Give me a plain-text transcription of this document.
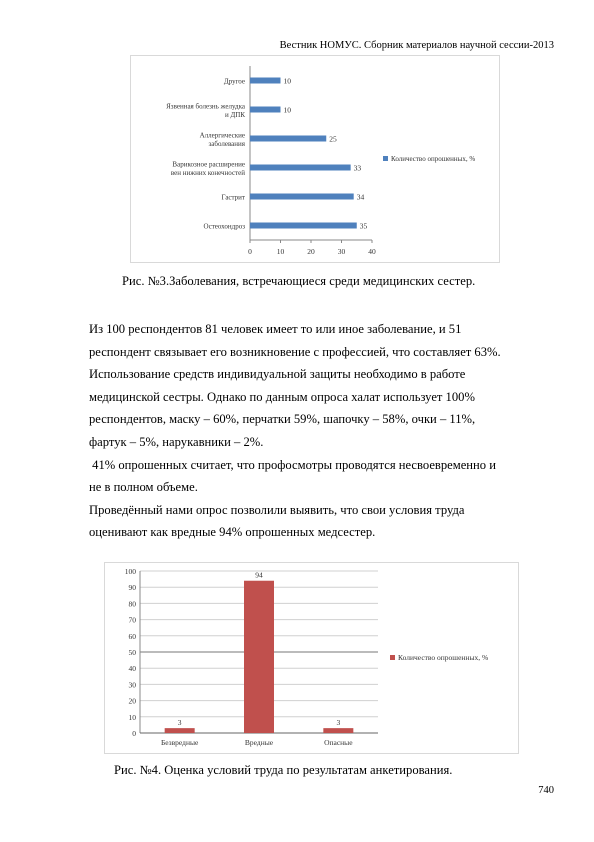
Вестник НОМУС. Сборник материалов научной сессии-2013
0	10	20	30	40
35
Остеохондроз
34
Гастрит
33
Варикозное расширение
вен нижних конечностей
25
Аллергические
заболевания
10
Язвенная болезнь желудка
и ДПК
10
Другое
Количество опрошенных, %
Рис. №3.Заболевания, встречающиеся среди медицинских сестер.

Из 100 респондентов 81 человек имеет то или иное заболевание, и 51

респондент связывает его возникновение с профессией, что составляет 63%.

Использование средств индивидуальной защиты необходимо в работе

медицинской сестры. Однако по данным опроса халат использует 100%

респондентов, маску – 60%, перчатки 59%, шапочку – 58%, очки – 11%,

фартук – 5%, нарукавники – 2%.

41% опрошенных считает, что профосмотры проводятся несвоевременно и

не в полном объеме.

Проведённый нами опрос позволили выявить, что свои условия труда

оценивают как вредные 94% опрошенных медсестер.

0
10
20
30
40
50
60
70
80
90
100
3
Безвредные
94
Вредные
3
Опасные
Количество опрошенных, %
Рис. №4. Оценка условий труда по результатам анкетирования.
740
